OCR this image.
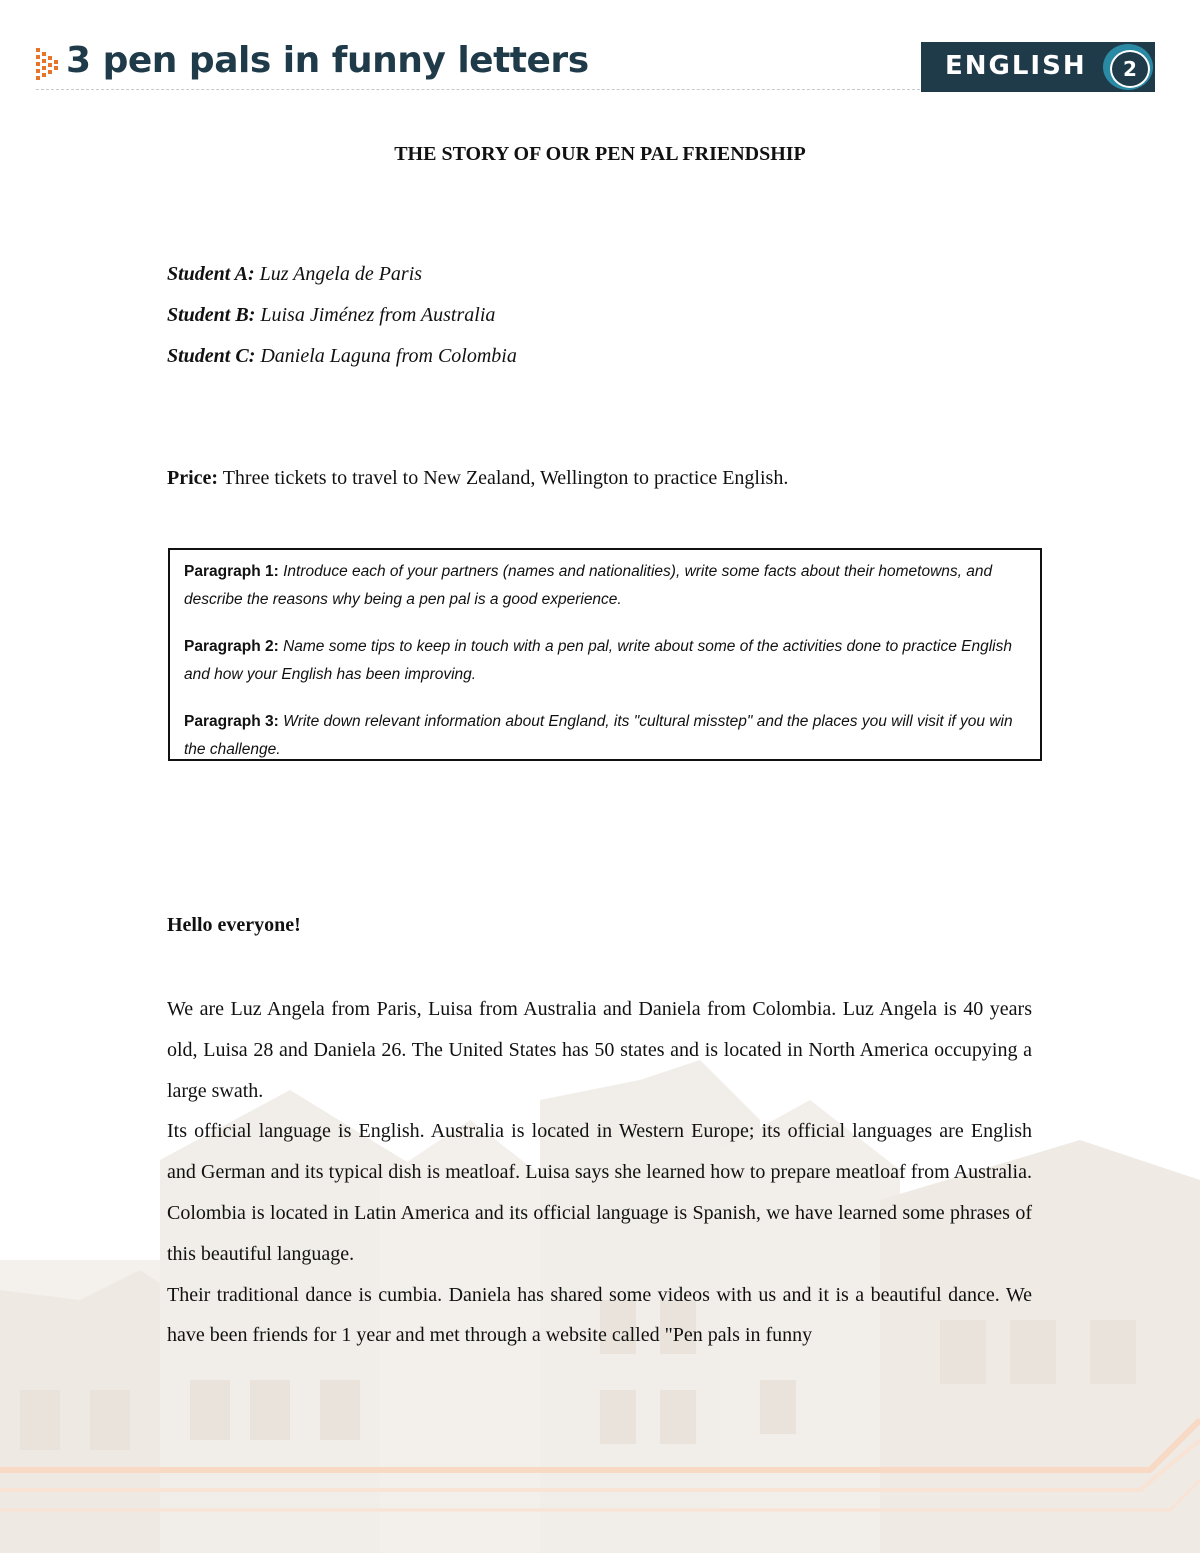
3 pen pals in funny letters	ENGLISH	2
THE STORY OF OUR PEN PAL FRIENDSHIP
Student A: Luz Angela de Paris
Student B: Luisa Jiménez from Australia
Student C: Daniela Laguna from Colombia
Price: Three tickets to travel to New Zealand, Wellington to practice English.

Paragraph 1: Introduce each of your partners (names and nationalities), write some facts about their hometowns, and describe the reasons why being a pen pal is a good experience.

Paragraph 2: Name some tips to keep in touch with a pen pal, write about some of the activities done to practice English and how your English has been improving.

Paragraph 3: Write down relevant information about England, its "cultural misstep" and the places you will visit if you win the challenge.

Hello everyone!

We are Luz Angela from Paris, Luisa from Australia and Daniela from Colombia. Luz Angela is 40 years old, Luisa 28 and Daniela 26. The United States has 50 states and is located in North America occupying a large swath.

Its official language is English. Australia is located in Western Europe; its official languages are English and German and its typical dish is meatloaf. Luisa says she learned how to prepare meatloaf from Australia. Colombia is located in Latin America and its official language is Spanish, we have learned some phrases of this beautiful language.

Their traditional dance is cumbia. Daniela has shared some videos with us and it is a beautiful dance. We have been friends for 1 year and met through a website called "Pen pals in funny
